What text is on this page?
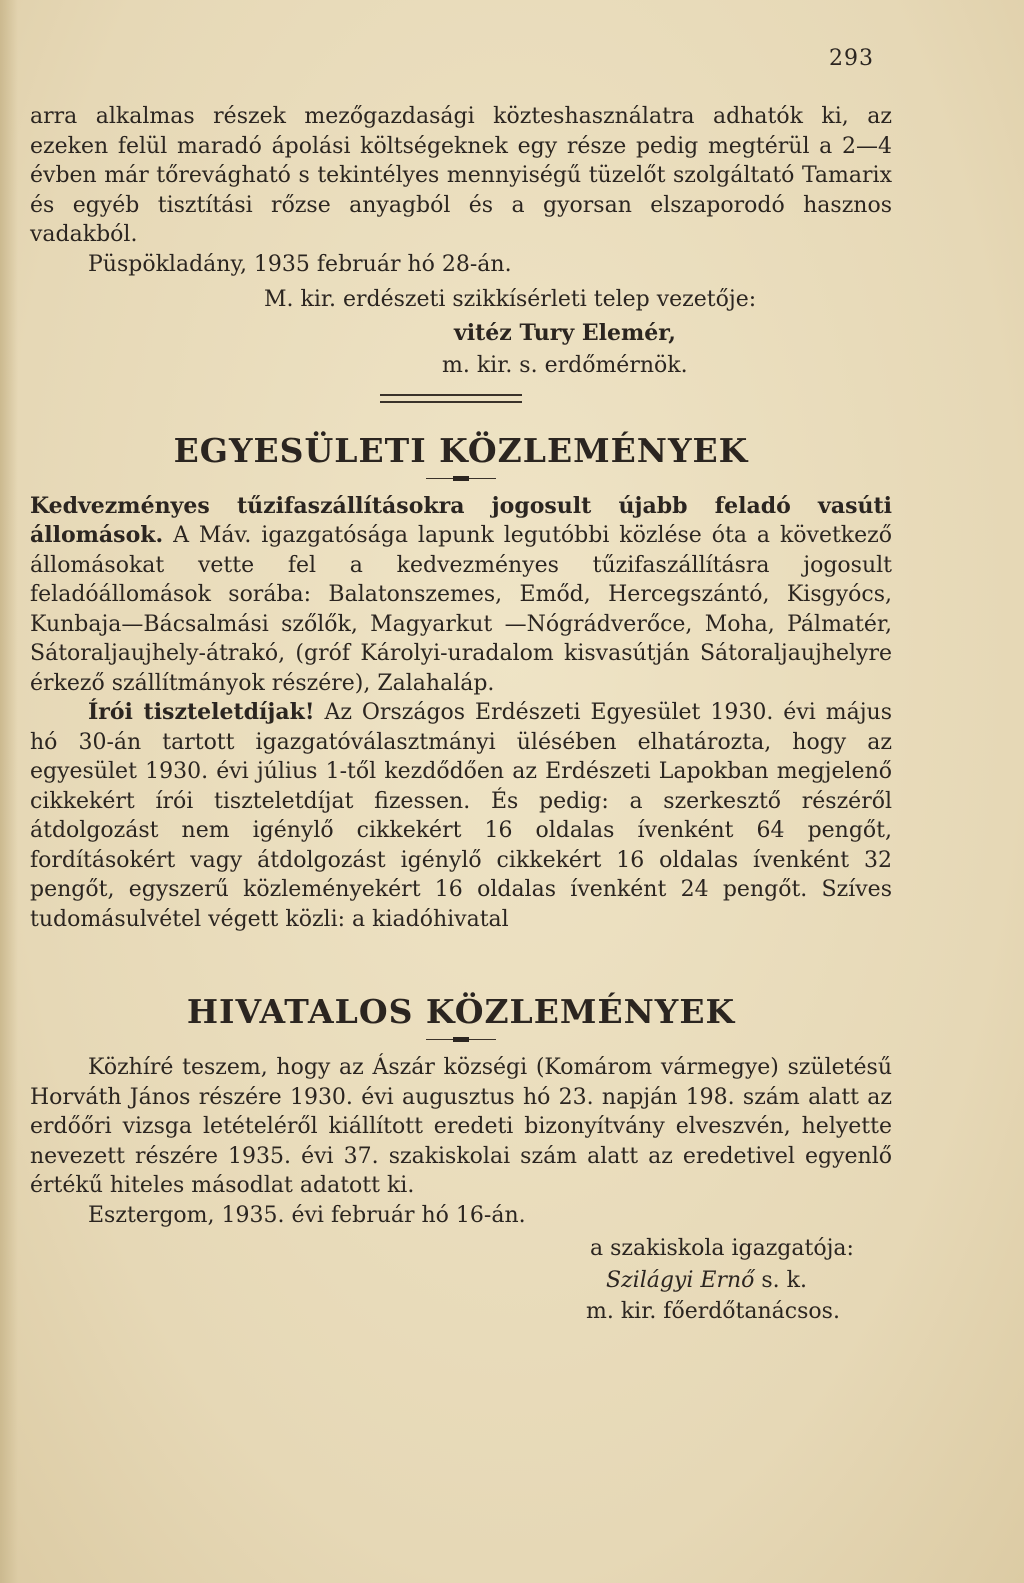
293

arra alkalmas részek mezőgazdasági közteshasználatra adhatók ki, az ezeken felül maradó ápolási költségeknek egy része pedig megtérül a 2—4 évben már tőrevágható s tekintélyes mennyiségű tüzelőt szolgáltató Tamarix és egyéb tisztítási rőzse anyagból és a gyorsan elszaporodó hasznos vadakból.

Püspökladány, 1935 február hó 28-án.

M. kir. erdészeti szikkísérleti telep vezetője:

vitéz Tury Elemér,

m. kir. s. erdőmérnök.

EGYESÜLETI KÖZLEMÉNYEK

Kedvezményes tűzifaszállításokra jogosult újabb feladó vasúti állomások. A Máv. igazgatósága lapunk legutóbbi közlése óta a következő állomásokat vette fel a kedvezményes tűzifaszállításra jogosult feladóállomások sorába: Balatonszemes, Emőd, Hercegszántó, Kisgyócs, Kunbaja—Bácsalmási szőlők, Magyarkut —Nógrádverőce, Moha, Pálmatér, Sátoraljaujhely-átrakó, (gróf Károlyi-uradalom kisvasútján Sátoraljaujhelyre érkező szállítmányok részére), Zalahaláp.

Írói tiszteletdíjak! Az Országos Erdészeti Egyesület 1930. évi május hó 30-án tartott igazgatóválasztmányi ülésében elhatározta, hogy az egyesület 1930. évi július 1-től kezdődően az Erdészeti Lapokban megjelenő cikkekért írói tiszteletdíjat fizessen. És pedig: a szerkesztő részéről átdolgozást nem igénylő cikkekért 16 oldalas ívenként 64 pengőt, fordításokért vagy átdolgozást igénylő cikkekért 16 oldalas ívenként 32 pengőt, egyszerű közleményekért 16 oldalas ívenként 24 pengőt. Szíves tudomásulvétel végett közli: a kiadóhivatal

HIVATALOS KÖZLEMÉNYEK

Közhíré teszem, hogy az Ászár községi (Komárom vármegye) születésű Horváth János részére 1930. évi augusztus hó 23. napján 198. szám alatt az erdőőri vizsga letételéről kiállított eredeti bizonyítvány elveszvén, helyette nevezett részére 1935. évi 37. szakiskolai szám alatt az eredetivel egyenlő értékű hiteles másodlat adatott ki.

Esztergom, 1935. évi február hó 16-án.

a szakiskola igazgatója:

Szilágyi Ernő s. k.

m. kir. főerdőtanácsos.
